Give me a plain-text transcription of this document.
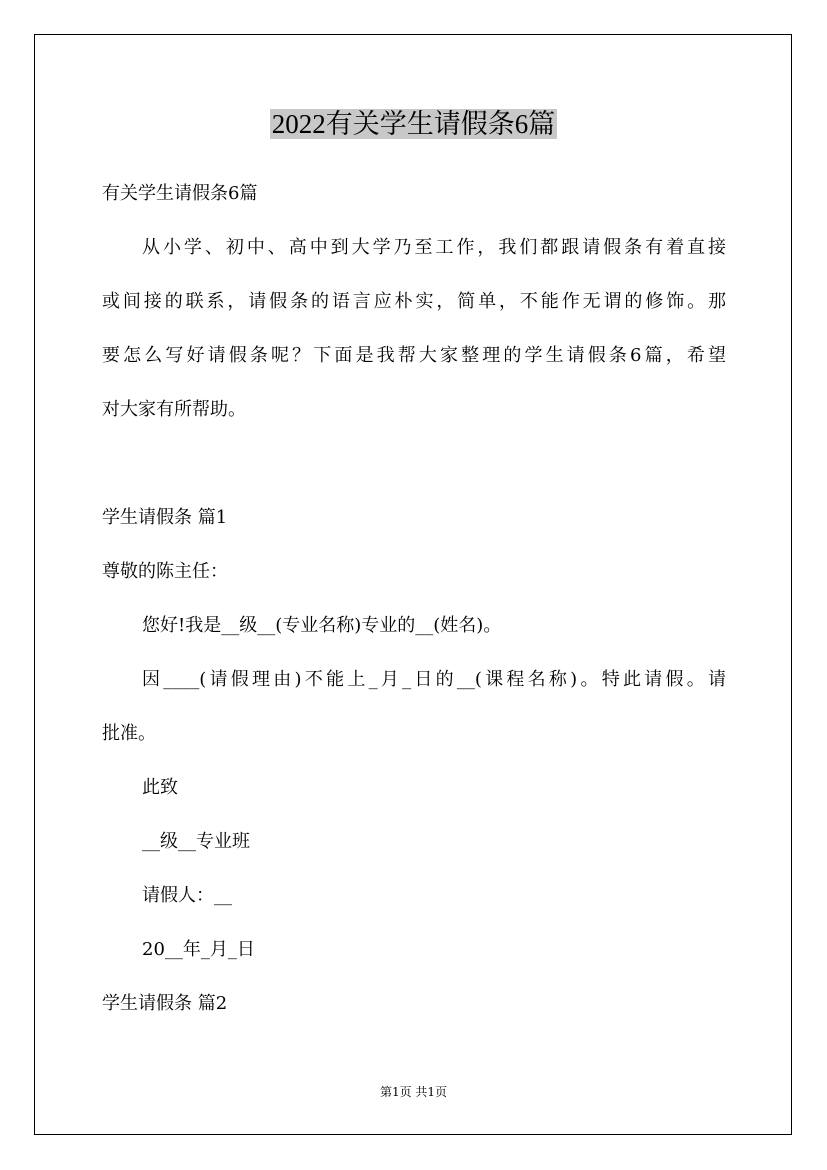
2022有关学生请假条6篇

有关学生请假条6篇

从小学、初中、高中到大学乃至工作，我们都跟请假条有着直接

或间接的联系，请假条的语言应朴实，简单，不能作无谓的修饰。那

要怎么写好请假条呢？下面是我帮大家整理的学生请假条6篇，希望

对大家有所帮助。

学生请假条 篇1

尊敬的陈主任：

您好!我是__级__(专业名称)专业的__(姓名)。

因____(请假理由)不能上_月_日的__(课程名称)。特此请假。请

批准。

此致

__级__专业班

请假人：__

20__年_月_日

学生请假条 篇2

第1页 共1页
